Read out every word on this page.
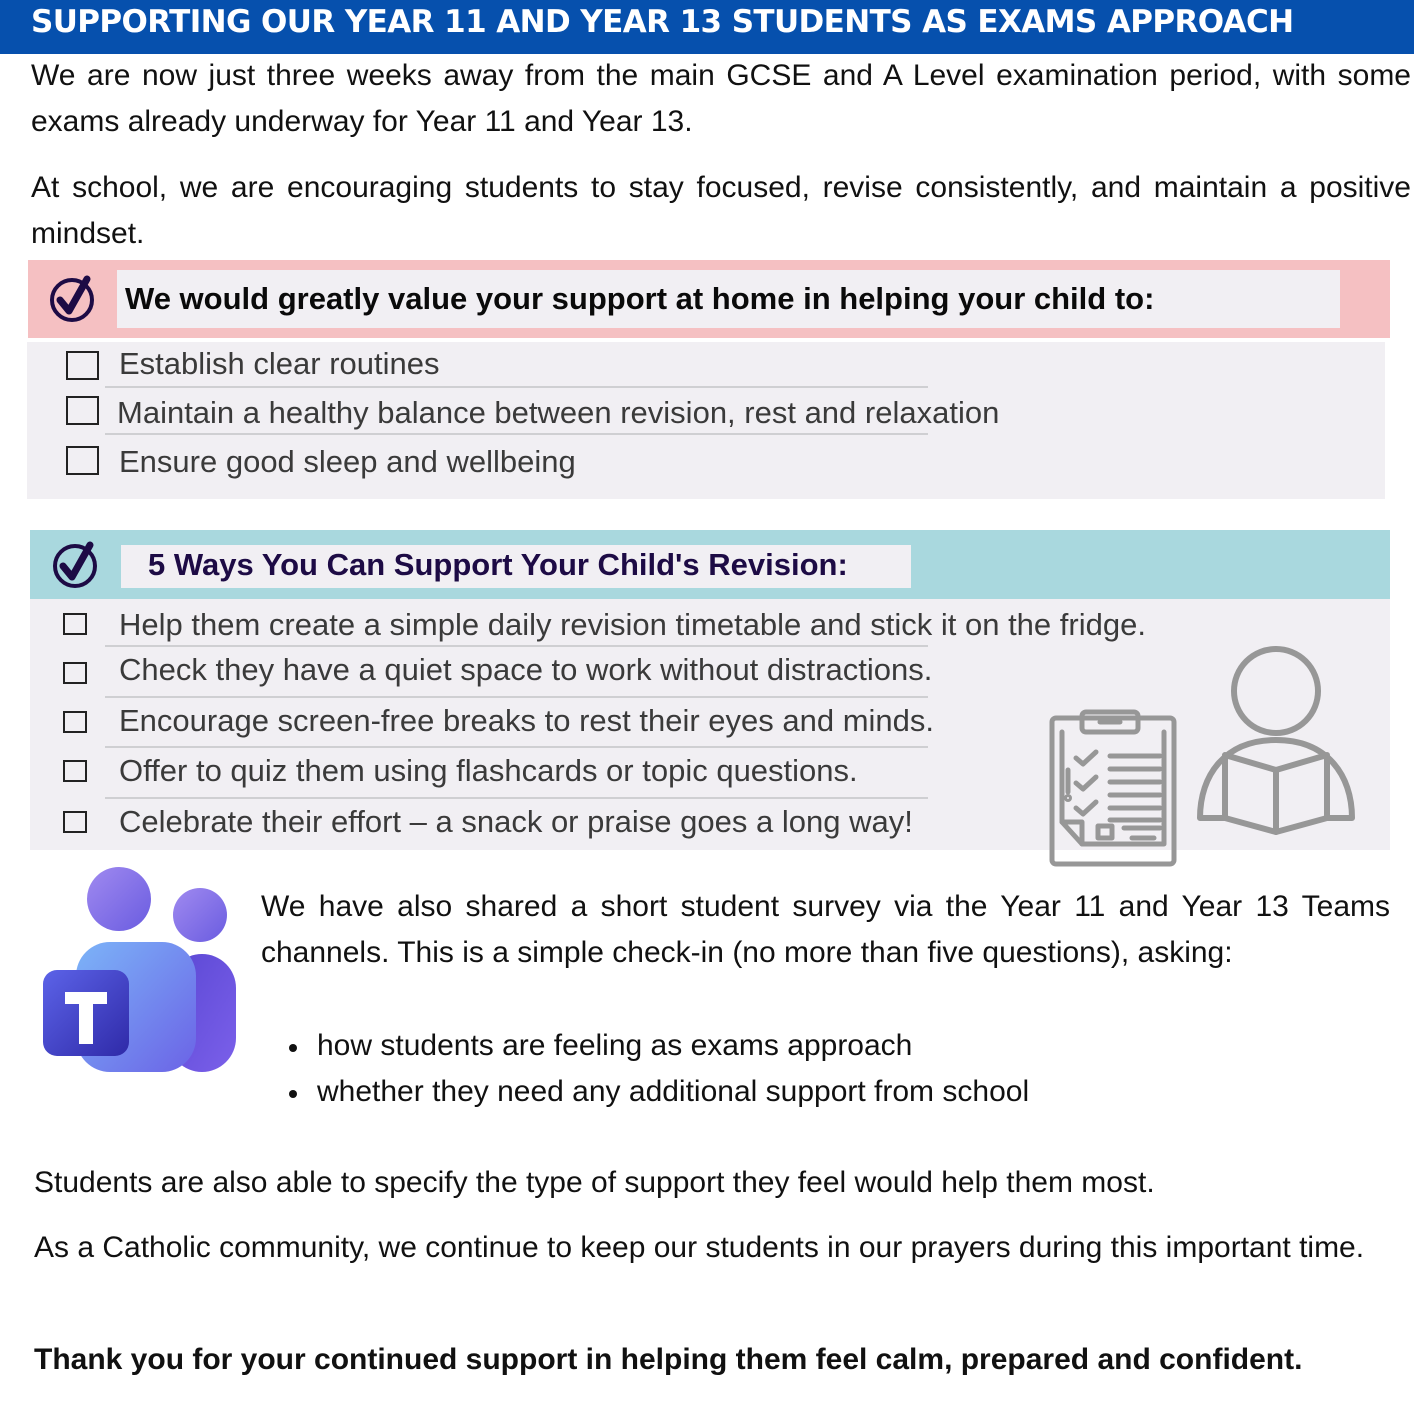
SUPPORTING OUR YEAR 11 AND YEAR 13 STUDENTS AS EXAMS APPROACH
We are now just three weeks away from the main GCSE and A Level examination period, with some exams already underway for Year 11 and Year 13.
At school, we are encouraging students to stay focused, revise consistently, and maintain a positive mindset.
We would greatly value your support at home in helping your child to:
Establish clear routines
Maintain a healthy balance between revision, rest and relaxation
Ensure good sleep and wellbeing
5 Ways You Can Support Your Child's Revision:
Help them create a simple daily revision timetable and stick it on the fridge.
Check they have a quiet space to work without distractions.
Encourage screen-free breaks to rest their eyes and minds.
Offer to quiz them using flashcards or topic questions.
Celebrate their effort – a snack or praise goes a long way!
We have also shared a short student survey via the Year 11 and Year 13 Teams channels. This is a simple check-in (no more than five questions), asking:
how students are feeling as exams approach
whether they need any additional support from school
Students are also able to specify the type of support they feel would help them most.
As a Catholic community, we continue to keep our students in our prayers during this important time.
Thank you for your continued support in helping them feel calm, prepared and confident.
